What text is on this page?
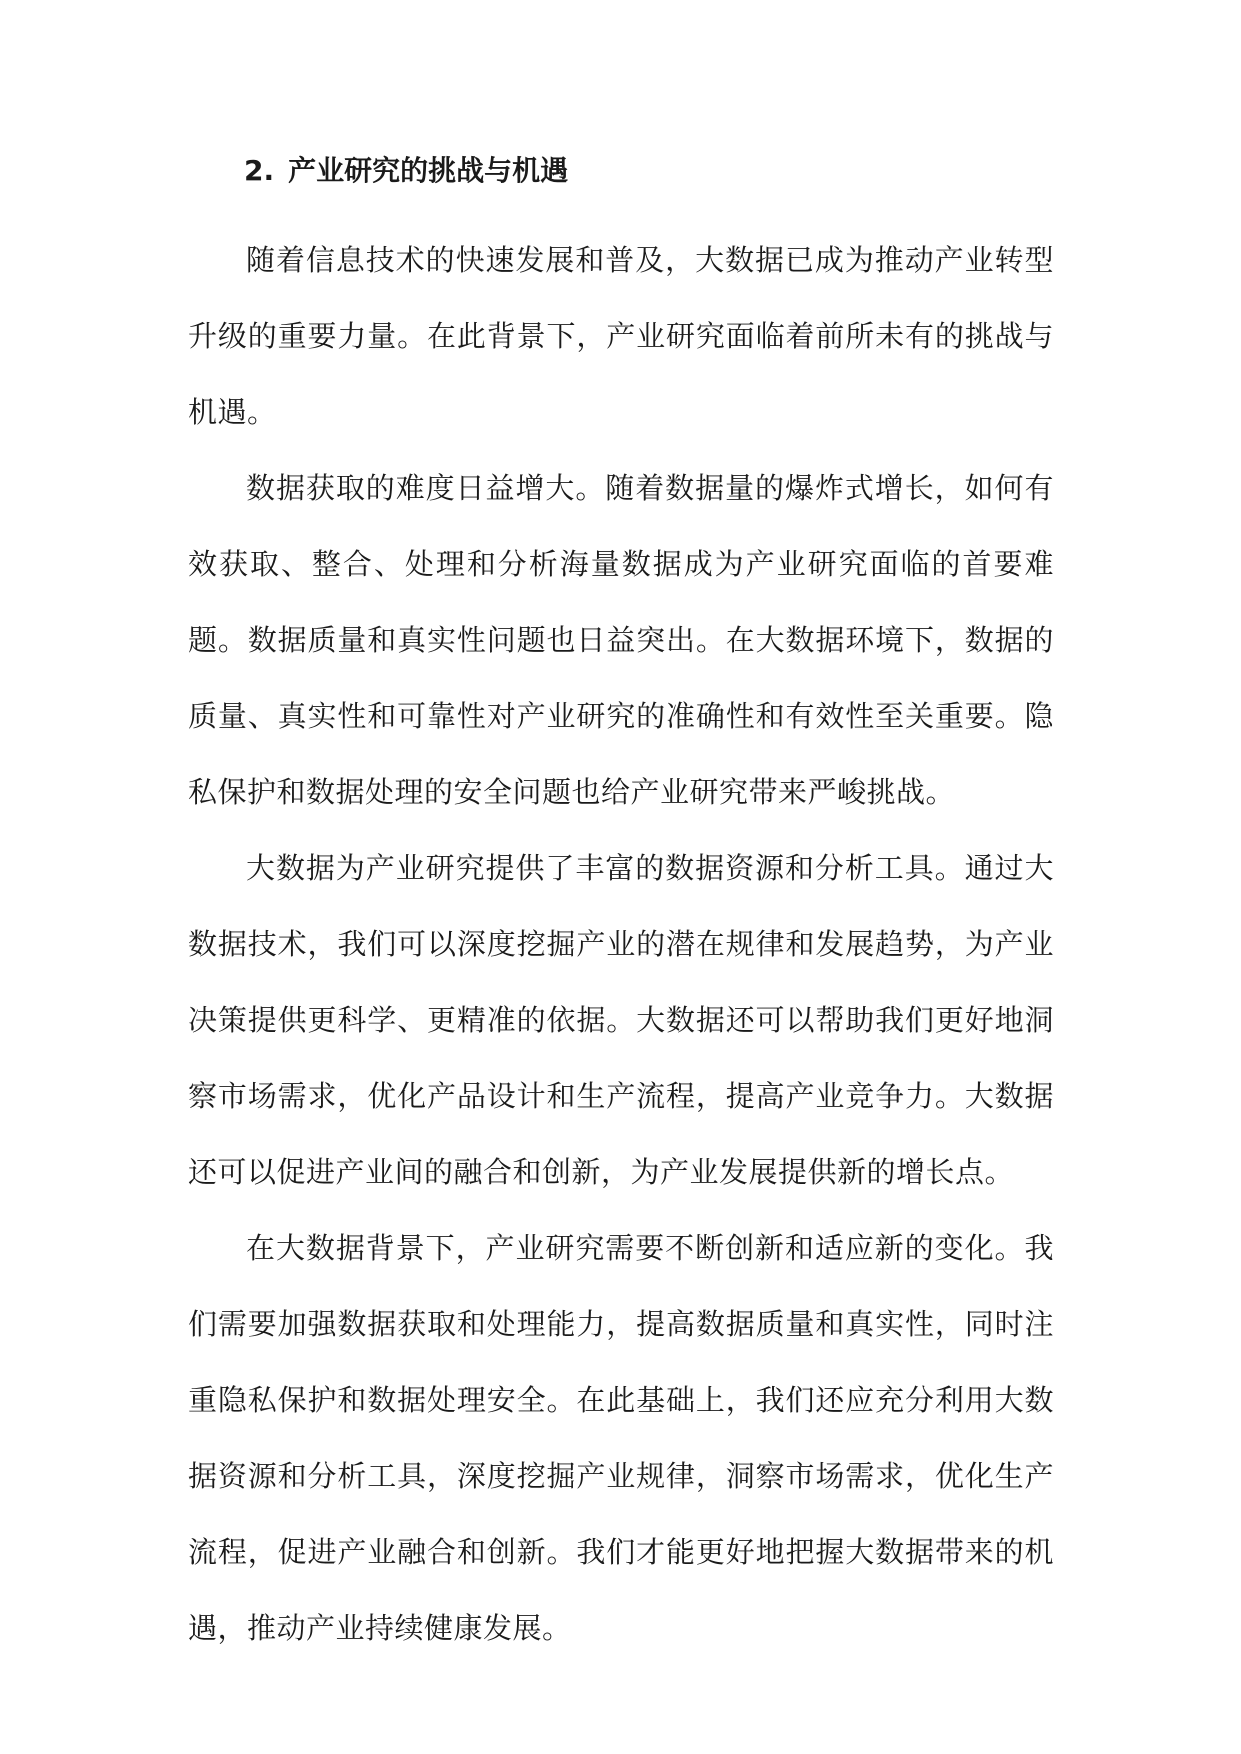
2. 产业研究的挑战与机遇

随着信息技术的快速发展和普及，大数据已成为推动产业转型升级的重要力量。在此背景下，产业研究面临着前所未有的挑战与机遇。

数据获取的难度日益增大。随着数据量的爆炸式增长，如何有效获取、整合、处理和分析海量数据成为产业研究面临的首要难题。数据质量和真实性问题也日益突出。在大数据环境下，数据的质量、真实性和可靠性对产业研究的准确性和有效性至关重要。隐私保护和数据处理的安全问题也给产业研究带来严峻挑战。

大数据为产业研究提供了丰富的数据资源和分析工具。通过大数据技术，我们可以深度挖掘产业的潜在规律和发展趋势，为产业决策提供更科学、更精准的依据。大数据还可以帮助我们更好地洞察市场需求，优化产品设计和生产流程，提高产业竞争力。大数据还可以促进产业间的融合和创新，为产业发展提供新的增长点。

在大数据背景下，产业研究需要不断创新和适应新的变化。我们需要加强数据获取和处理能力，提高数据质量和真实性，同时注重隐私保护和数据处理安全。在此基础上，我们还应充分利用大数据资源和分析工具，深度挖掘产业规律，洞察市场需求，优化生产流程，促进产业融合和创新。我们才能更好地把握大数据带来的机遇，推动产业持续健康发展。
